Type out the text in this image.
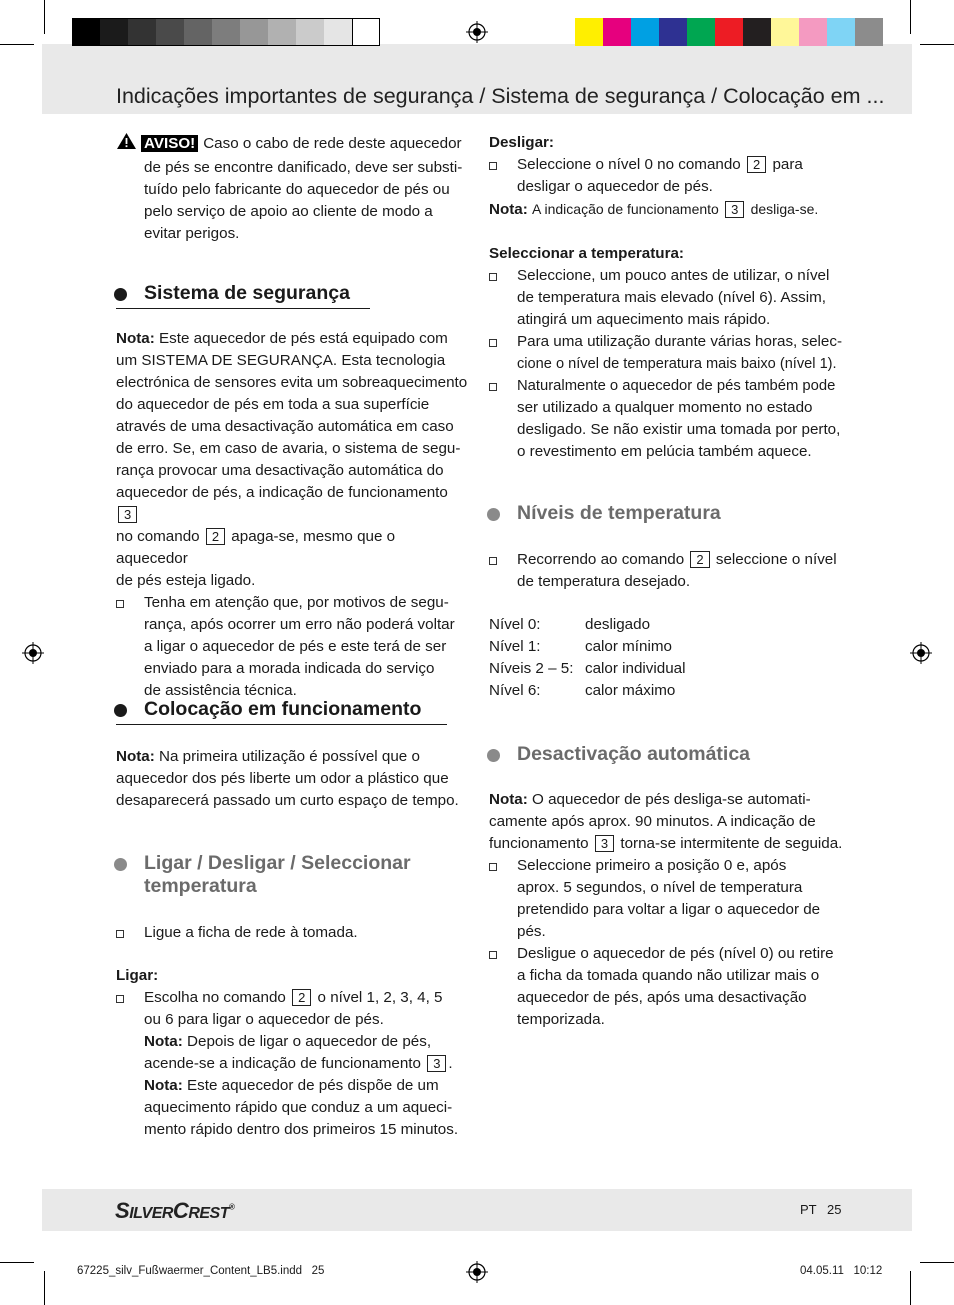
Indicações importantes de segurança / Sistema de segurança / Colocação em ...

AVISO! Caso o cabo de rede deste aquecedor

de pés se encontre danificado, deve ser substi-

tuído pelo fabricante do aquecedor de pés ou

pelo serviço de apoio ao cliente de modo a

evitar perigos.

Sistema de segurança

Nota: Este aquecedor de pés está equipado com

um SISTEMA DE SEGURANÇA. Esta tecnologia

electrónica de sensores evita um sobreaquecimento

do aquecedor de pés em toda a sua superfície

através de uma desactivação automática em caso

de erro. Se, em caso de avaria, o sistema de segu-

rança provocar uma desactivação automática do

aquecedor de pés, a indicação de funcionamento 3

no comando 2 apaga-se, mesmo que o aquecedor

de pés esteja ligado.

Tenha em atenção que, por motivos de segu-

rança, após ocorrer um erro não poderá voltar

a ligar o aquecedor de pés e este terá de ser

enviado para a morada indicada do serviço

de assistência técnica.

Colocação em funcionamento

Nota: Na primeira utilização é possível que o

aquecedor dos pés liberte um odor a plástico que

desaparecerá passado um curto espaço de tempo.

Ligar / Desligar / Seleccionar
temperatura

Ligue a ficha de rede à tomada.

Ligar:

Escolha no comando 2 o nível 1, 2, 3, 4, 5

ou 6 para ligar o aquecedor de pés.

Nota: Depois de ligar o aquecedor de pés,

acende-se a indicação de funcionamento 3 .

Nota: Este aquecedor de pés dispõe de um

aquecimento rápido que conduz a um aqueci-

mento rápido dentro dos primeiros 15 minutos.

Desligar:

Seleccione o nível 0 no comando 2 para

desligar o aquecedor de pés.

Nota: A indicação de funcionamento 3 desliga-se.

Seleccionar a temperatura:

Seleccione, um pouco antes de utilizar, o nível

de temperatura mais elevado (nível 6). Assim,

atingirá um aquecimento mais rápido.

Para uma utilização durante várias horas, selec-

cione o nível de temperatura mais baixo (nível 1).

Naturalmente o aquecedor de pés também pode

ser utilizado a qualquer momento no estado

desligado. Se não existir uma tomada por perto,

o revestimento em pelúcia também aquece.

Níveis de temperatura

Recorrendo ao comando 2 seleccione o nível

de temperatura desejado.

Nível 0:	desligado
Nível 1:	calor mínimo
Níveis 2 – 5: calor individual
Nível 6:	calor máximo
Desactivação automática

Nota: O aquecedor de pés desliga-se automati-

camente após aprox. 90 minutos. A indicação de

funcionamento 3 torna-se intermitente de seguida.

Seleccione primeiro a posição 0 e, após

aprox. 5 segundos, o nível de temperatura

pretendido para voltar a ligar o aquecedor de

pés.

Desligue o aquecedor de pés (nível 0) ou retire

a ficha da tomada quando não utilizar mais o

aquecedor de pés, após uma desactivação

temporizada.

SILVERCREST®	PT 25
67225_silv_Fußwaermer_Content_LB5.indd   25	04.05.11   10:12
